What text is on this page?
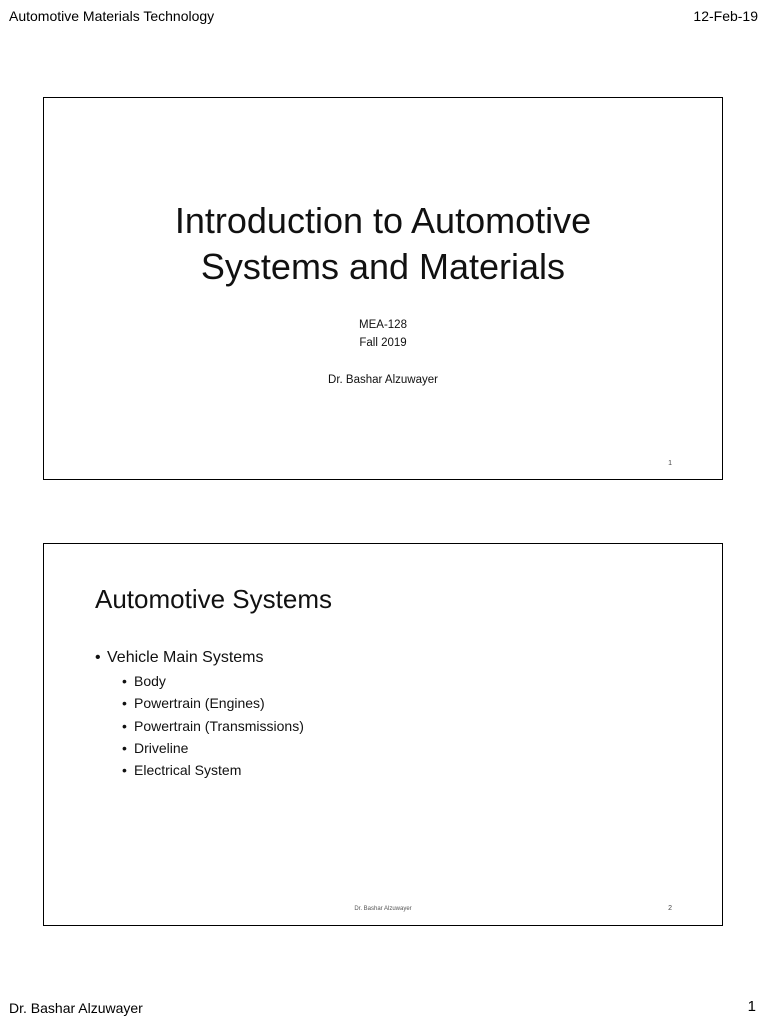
Automotive Materials Technology	12-Feb-19
Introduction to Automotive
Systems and Materials
MEA-128
Fall 2019
Dr. Bashar Alzuwayer
1
Automotive Systems
• Vehicle Main Systems
• Body
• Powertrain (Engines)
• Powertrain (Transmissions)
• Driveline
• Electrical System
Dr. Bashar Alzuwayer	2
Dr. Bashar Alzuwayer	1
